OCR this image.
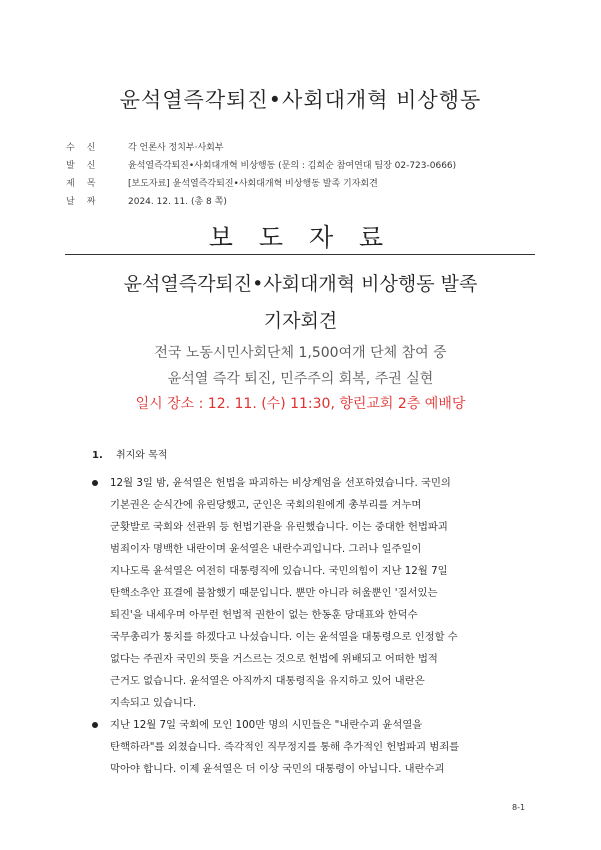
윤석열즉각퇴진•사회대개혁 비상행동
수신	각 언론사 정치부·사회부
발신	윤석열즉각퇴진•사회대개혁 비상행동 (문의 : 김희순 참여연대 팀장 02-723-0666)
제목	[보도자료] 윤석열즉각퇴진•사회대개혁 비상행동 발족 기자회견
날짜	2024. 12. 11. (총 8 쪽)
보 도 자 료
윤석열즉각퇴진•사회대개혁 비상행동 발족
기자회견
전국 노동시민사회단체 1,500여개 단체 참여 중
윤석열 즉각 퇴진, 민주주의 회복, 주권 실현
일시 장소 : 12. 11. (수) 11:30, 향린교회 2층 예배당
1. 취지와 목적
12월 3일 밤, 윤석열은 헌법을 파괴하는 비상계엄을 선포하였습니다. 국민의
기본권은 순식간에 유린당했고, 군인은 국회의원에게 총부리를 겨누며
군홧발로 국회와 선관위 등 헌법기관을 유린했습니다. 이는 중대한 헌법파괴
범죄이자 명백한 내란이며 윤석열은 내란수괴입니다. 그러나 일주일이
지나도록 윤석열은 여전히 대통령직에 있습니다. 국민의힘이 지난 12월 7일
탄핵소추안 표결에 불참했기 때문입니다. 뿐만 아니라 허울뿐인 '질서있는
퇴진'을 내세우며 아무런 헌법적 권한이 없는 한동훈 당대표와 한덕수
국무총리가 통치를 하겠다고 나섰습니다. 이는 윤석열을 대통령으로 인정할 수
없다는 주권자 국민의 뜻을 거스르는 것으로 헌법에 위배되고 어떠한 법적
근거도 없습니다. 윤석열은 아직까지 대통령직을 유지하고 있어 내란은
지속되고 있습니다.
지난 12월 7일 국회에 모인 100만 명의 시민들은 "내란수괴 윤석열을
탄핵하라"를 외쳤습니다. 즉각적인 직무정지를 통해 추가적인 헌법파괴 범죄를
막아야 합니다. 이제 윤석열은 더 이상 국민의 대통령이 아닙니다. 내란수괴
8-1
